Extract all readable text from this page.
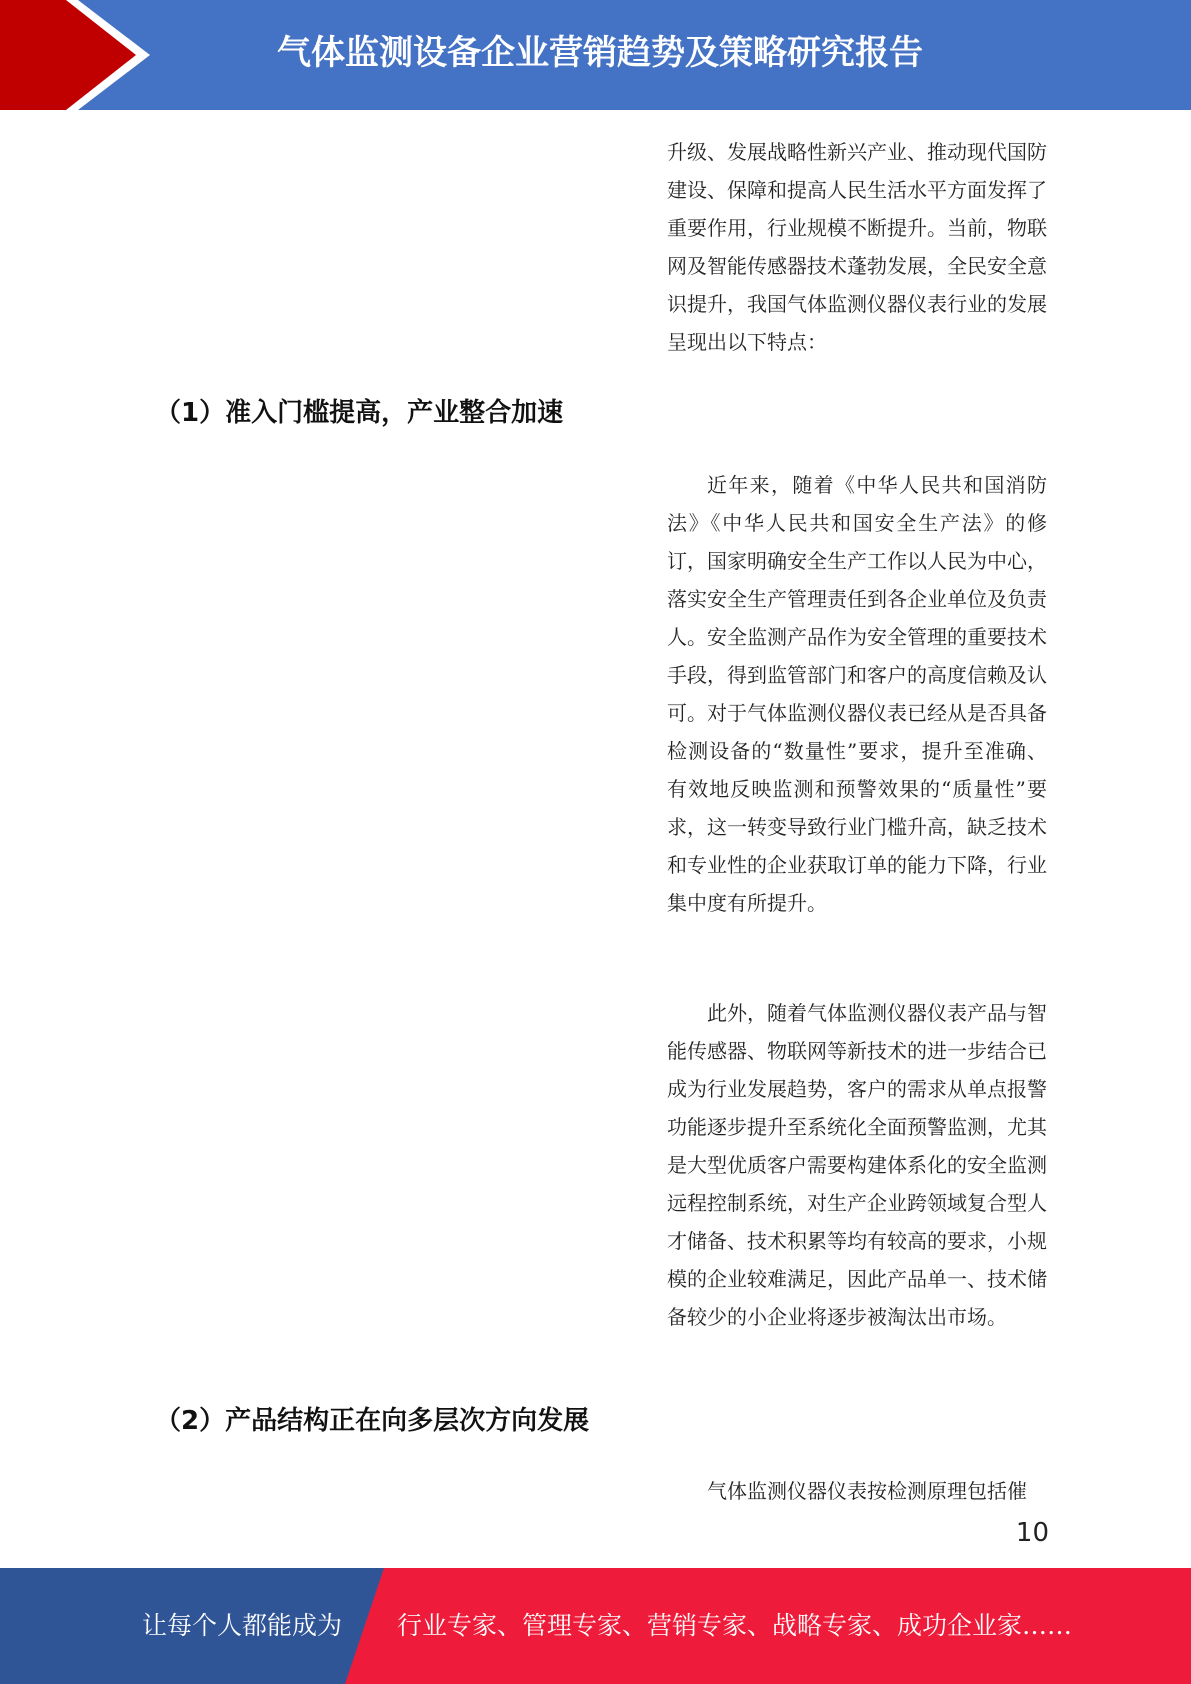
气体监测设备企业营销趋势及策略研究报告

升级、发展战略性新兴产业、推动现代国防建设、保障和提高人民生活水平方面发挥了重要作用，行业规模不断提升。当前，物联网及智能传感器技术蓬勃发展，全民安全意识提升，我国气体监测仪器仪表行业的发展呈现出以下特点：

（1）准入门槛提高，产业整合加速

近年来，随着《中华人民共和国消防法》《中华人民共和国安全生产法》的修订，国家明确安全生产工作以人民为中心，落实安全生产管理责任到各企业单位及负责人。安全监测产品作为安全管理的重要技术手段，得到监管部门和客户的高度信赖及认可。对于气体监测仪器仪表已经从是否具备检测设备的“数量性”要求，提升至准确、有效地反映监测和预警效果的“质量性”要求，这一转变导致行业门槛升高，缺乏技术和专业性的企业获取订单的能力下降，行业集中度有所提升。

此外，随着气体监测仪器仪表产品与智能传感器、物联网等新技术的进一步结合已成为行业发展趋势，客户的需求从单点报警功能逐步提升至系统化全面预警监测，尤其是大型优质客户需要构建体系化的安全监测远程控制系统，对生产企业跨领域复合型人才储备、技术积累等均有较高的要求，小规模的企业较难满足，因此产品单一、技术储备较少的小企业将逐步被淘汰出市场。

（2）产品结构正在向多层次方向发展

气体监测仪器仪表按检测原理包括催

10
让每个人都能成为 行业专家、管理专家、营销专家、战略专家、成功企业家……
